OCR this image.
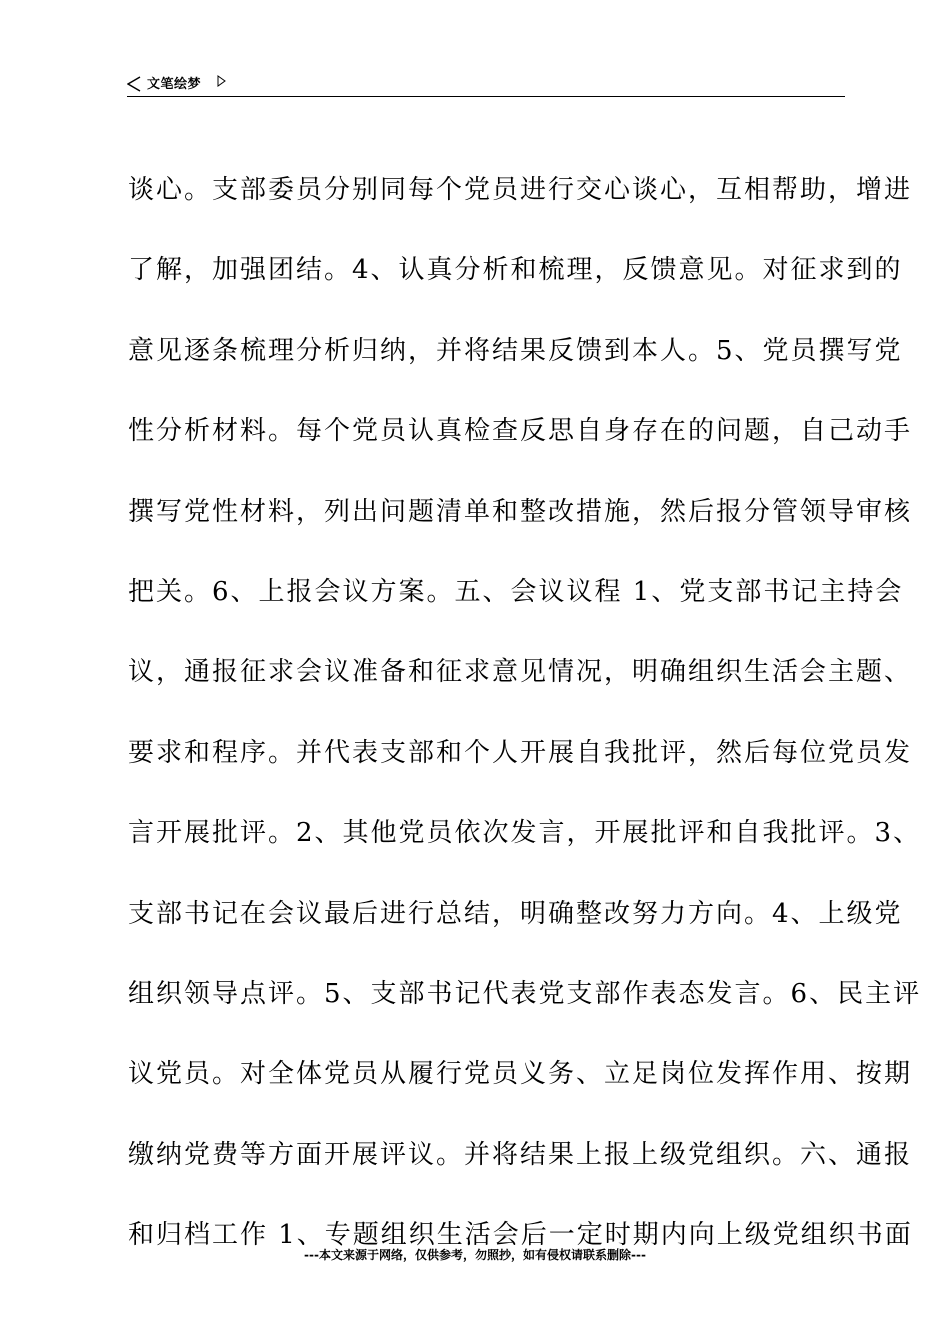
文笔绘梦
谈心。支部委员分别同每个党员进行交心谈心，互相帮助，增进
了解，加强团结。4、认真分析和梳理，反馈意见。对征求到的
意见逐条梳理分析归纳，并将结果反馈到本人。5、党员撰写党
性分析材料。每个党员认真检查反思自身存在的问题，自己动手
撰写党性材料，列出问题清单和整改措施，然后报分管领导审核
把关。6、上报会议方案。五、会议议程 1、党支部书记主持会
议，通报征求会议准备和征求意见情况，明确组织生活会主题、
要求和程序。并代表支部和个人开展自我批评，然后每位党员发
言开展批评。2、其他党员依次发言，开展批评和自我批评。3、
支部书记在会议最后进行总结，明确整改努力方向。4、上级党
组织领导点评。5、支部书记代表党支部作表态发言。6、民主评
议党员。对全体党员从履行党员义务、立足岗位发挥作用、按期
缴纳党费等方面开展评议。并将结果上报上级党组织。六、通报
和归档工作 1、专题组织生活会后一定时期内向上级党组织书面
---本文来源于网络，仅供参考，勿照抄，如有侵权请联系删除---
